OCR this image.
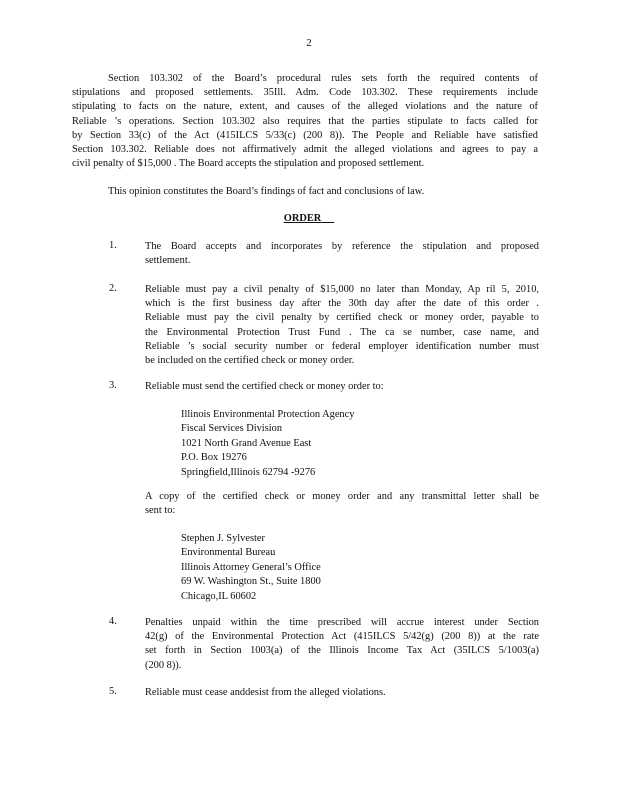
2
Section 103.302 of the Board’s procedural rules sets forth the required contents of
stipulations and proposed settlements. 35Ill. Adm. Code 103.302. These requirements include
stipulating to facts on the nature, extent, and causes of the alleged violations and the nature of
Reliable ’s operations. Section 103.302 also requires that the parties stipulate to facts called for
by Section 33(c) of the Act (415ILCS 5/33(c) (200 8)). The People and Reliable have satisfied
Section 103.302. Reliable does not affirmatively admit the alleged violations and agrees to pay a
civil penalty of $15,000 . The Board accepts the stipulation and proposed settlement.
This opinion constitutes the Board’s findings of fact and conclusions of law.
ORDER
1.	The Board accepts and incorporates by reference the stipulation and proposed
settlement.
2.	Reliable must pay a civil penalty of $15,000 no later than Monday, Ap ril 5, 2010,
which is the first business day after the 30th day after the date of this order .
Reliable must pay the civil penalty by certified check or money order, payable to
the Environmental Protection Trust Fund . The ca se number, case name, and
Reliable ’s social security number or federal employer identification number must
be included on the certified check or money order.
3.	Reliable must send the certified check or money order to:
Illinois Environmental Protection Agency
Fiscal Services Division
1021 North Grand Avenue East
P.O. Box 19276
Springfield,Illinois 62794 -9276
A copy of the certified check or money order and any transmittal letter shall be
sent to:
Stephen J. Sylvester
Environmental Bureau
Illinois Attorney General’s Office
69 W. Washington St., Suite 1800
Chicago,IL 60602
4.	Penalties unpaid within the time prescribed will accrue interest under Section
42(g) of the Environmental Protection Act (415ILCS 5/42(g) (200 8)) at the rate
set forth in Section 1003(a) of the Illinois Income Tax Act (35ILCS 5/1003(a)
(200 8)).
5.	Reliable must cease anddesist from the alleged violations.
